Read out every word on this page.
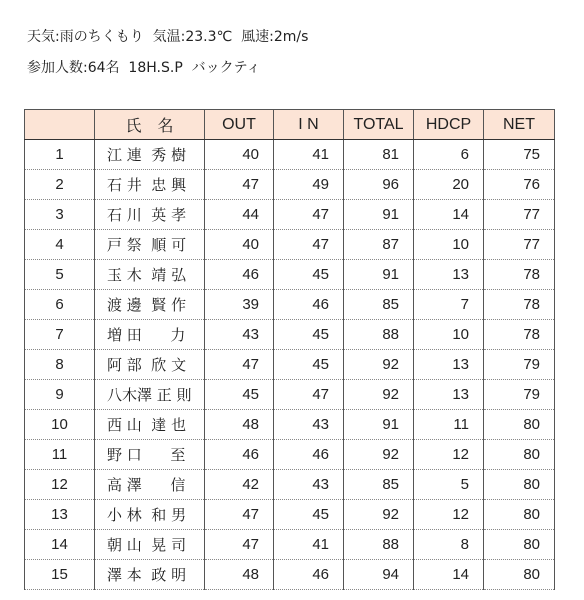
天気:雨のちくもり  気温:23.3℃  風速:2m/s
参加人数:64名  18H.S.P  バックティ
	氏　名	OUT	I N	TOTAL	HDCP	NET
1	江 連  秀 樹	40	41	81	6	75
2	石 井  忠 興	47	49	96	20	76
3	石 川  英 孝	44	47	91	14	77
4	戸 祭  順 可	40	47	87	10	77
5	玉 木  靖 弘	46	45	91	13	78
6	渡 邊  賢 作	39	46	85	7	78
7	増 田      力	43	45	88	10	78
8	阿 部  欣 文	47	45	92	13	79
9	八木澤 正 則	45	47	92	13	79
10	西 山  達 也	48	43	91	11	80
11	野 口      至	46	46	92	12	80
12	高 澤      信	42	43	85	5	80
13	小 林  和 男	47	45	92	12	80
14	朝 山  晃 司	47	41	88	8	80
15	澤 本  政 明	48	46	94	14	80
